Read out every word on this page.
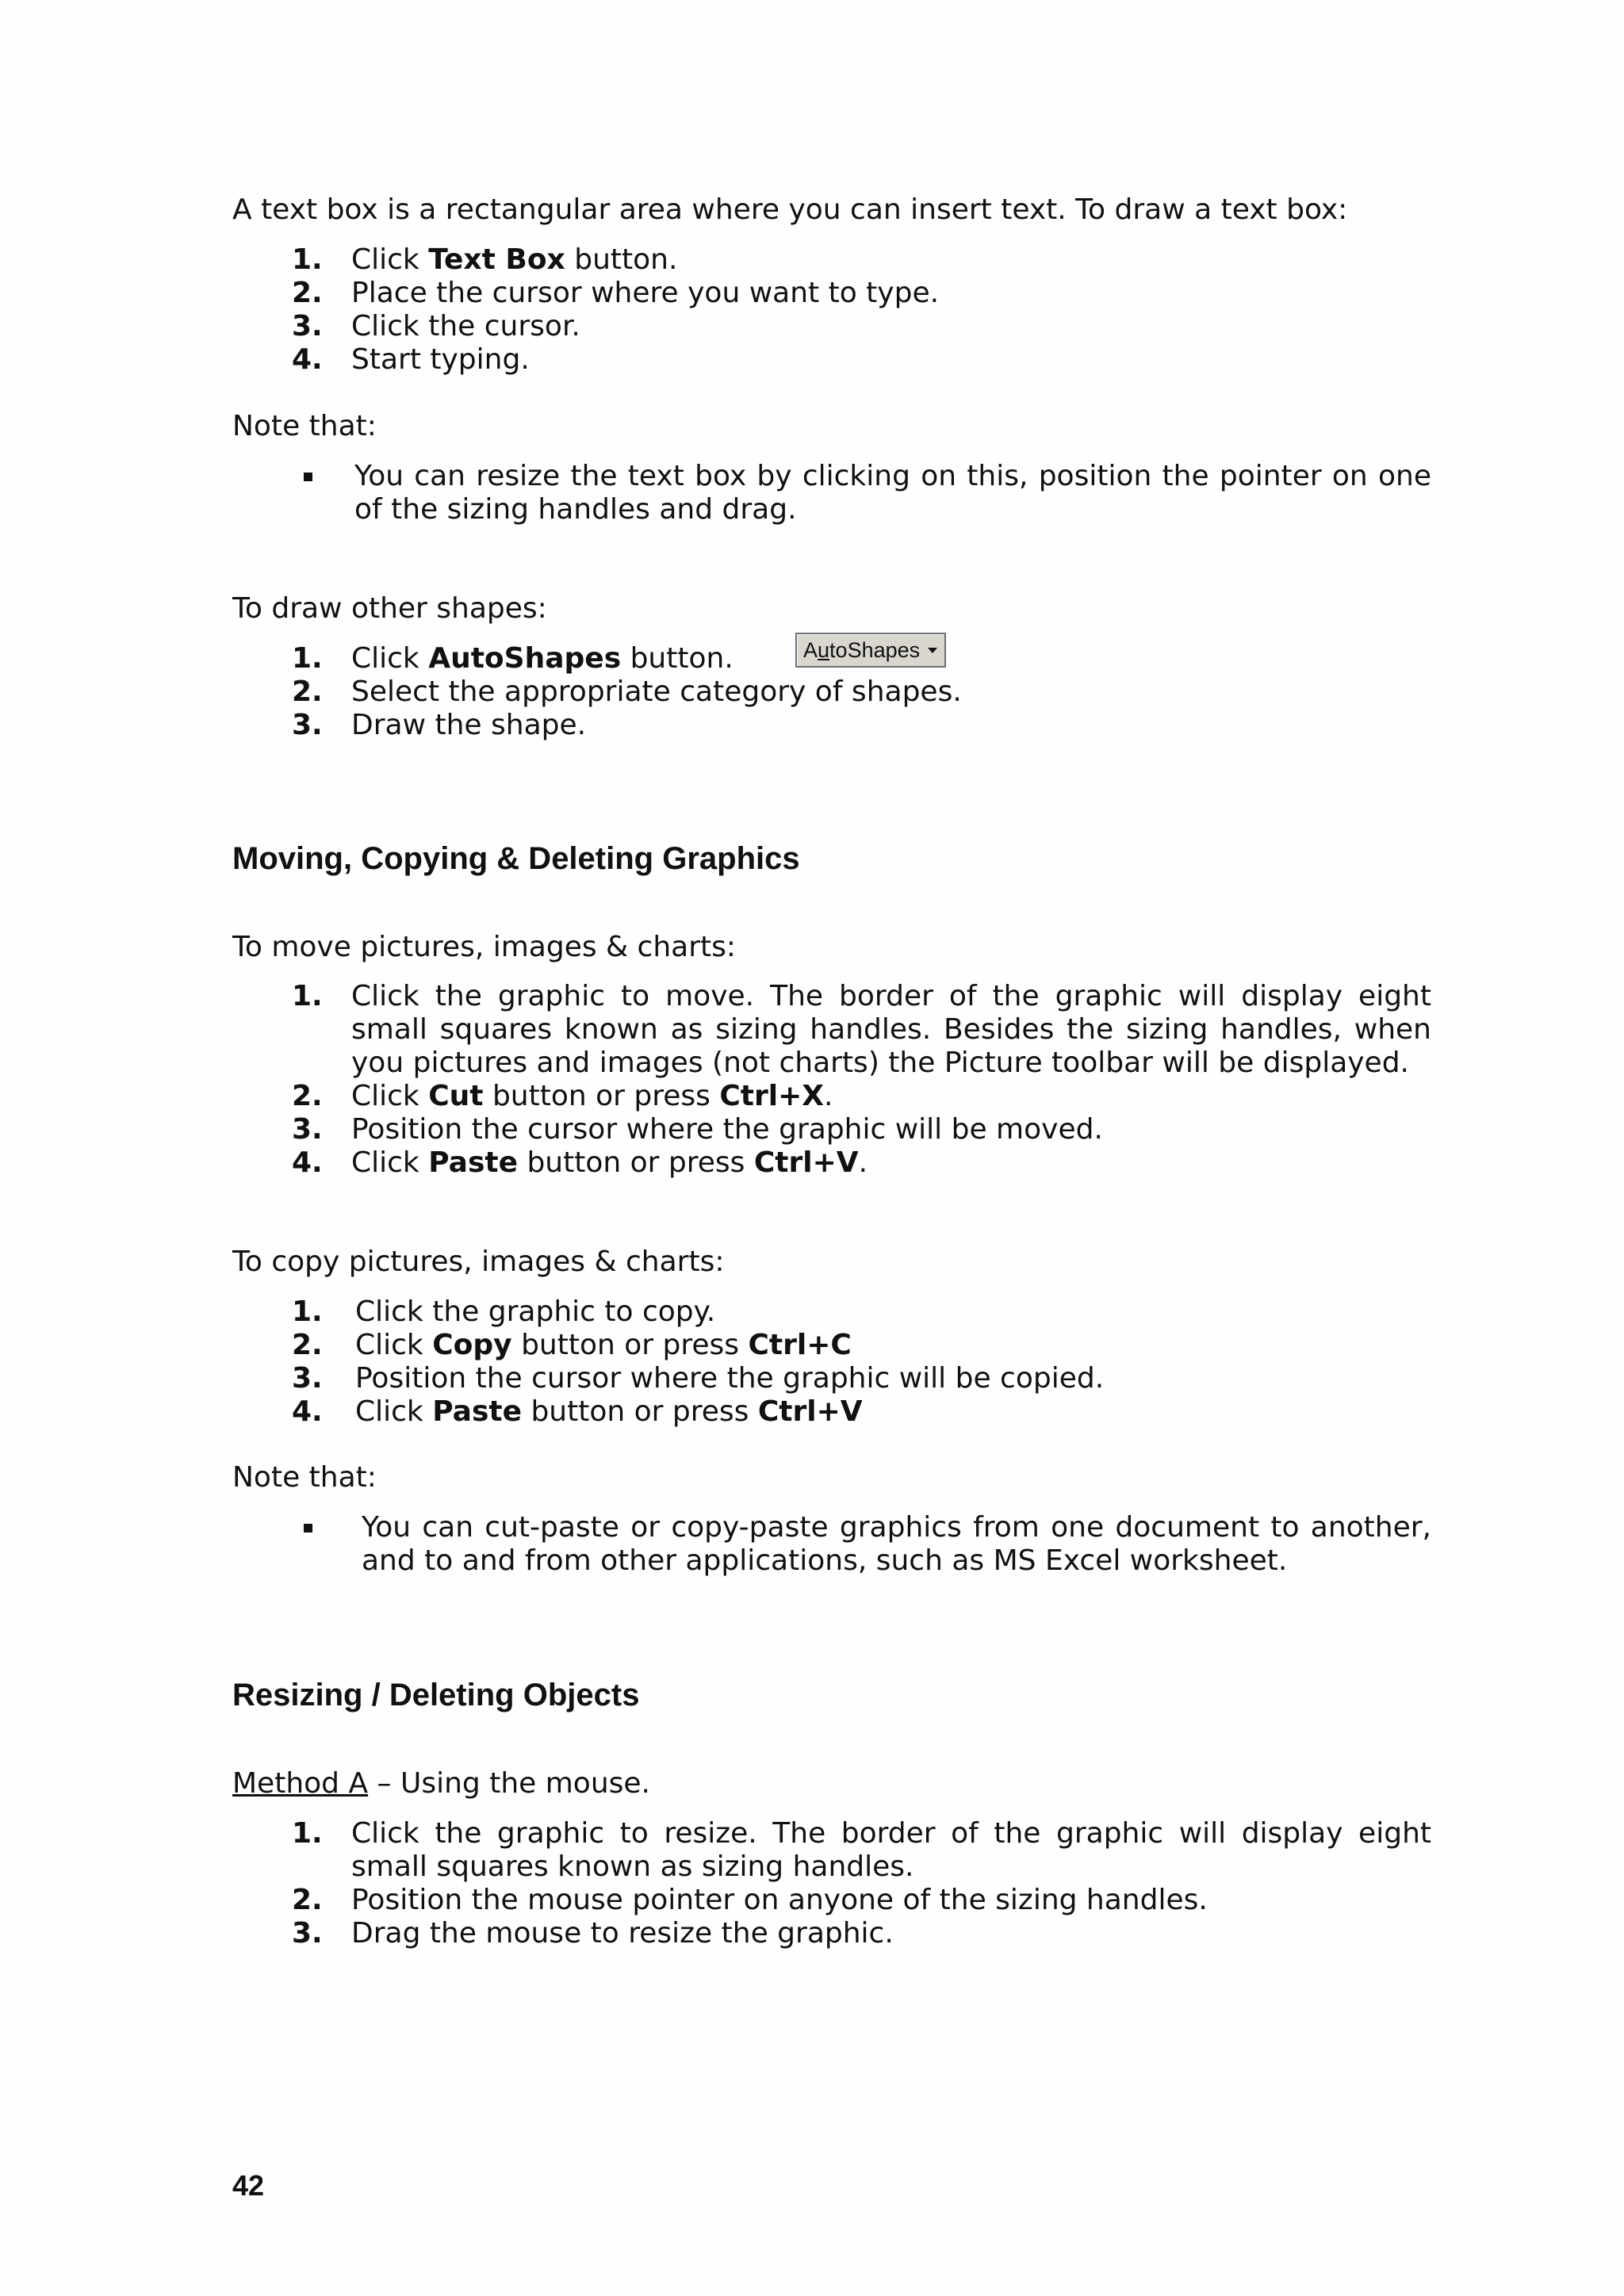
A text box is a rectangular area where you can insert text. To draw a text box:

1.	Click Text Box button.
2.	Place the cursor where you want to type.
3.	Click the cursor.
4.	Start typing.

Note that:

You can resize the text box by clicking on this, position the pointer on one of the sizing handles and drag.

To draw other shapes:

1.	Click AutoShapes button.
2.	Select the appropriate category of shapes.
3.	Draw the shape.
Moving, Copying & Deleting Graphics

To move pictures, images & charts:

1.	Click the graphic to move. The border of the graphic will display eight small squares known as sizing handles. Besides the sizing handles, when you pictures and images (not charts) the Picture toolbar will be displayed.
2.	Click Cut button or press Ctrl+X.
3.	Position the cursor where the graphic will be moved.
4.	Click Paste button or press Ctrl+V.

To copy pictures, images & charts:

1.	Click the graphic to copy.
2.	Click Copy button or press Ctrl+C
3.	Position the cursor where the graphic will be copied.
4.	Click Paste button or press Ctrl+V

Note that:

You can cut-paste or copy-paste graphics from one document to another, and to and from other applications, such as MS Excel worksheet.
Resizing / Deleting Objects

Method A – Using the mouse.

1.	Click the graphic to resize. The border of the graphic will display eight small squares known as sizing handles.
2.	Position the mouse pointer on anyone of the sizing handles.
3.	Drag the mouse to resize the graphic.
AutoShapes
42
